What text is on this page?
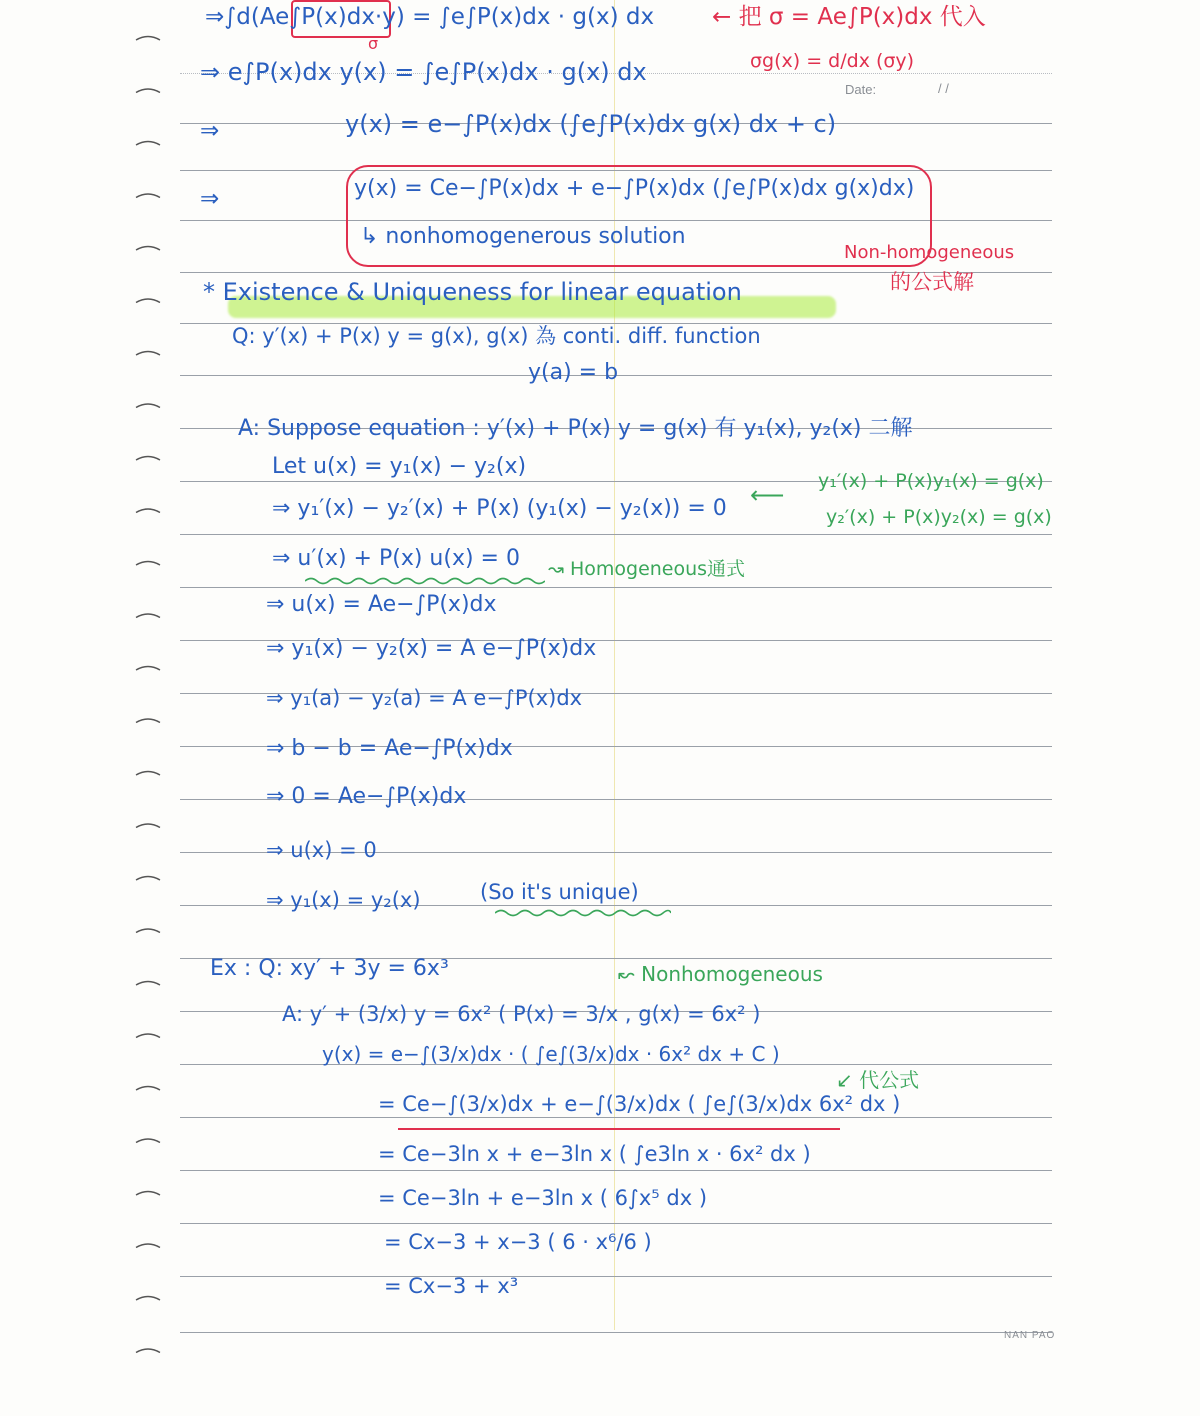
Date:	/ /
NAN PAO
⇒∫d(Ae∫P(x)dx·y) = ∫e∫P(x)dx · g(x) dx
σ
← 把 σ = Ae∫P(x)dx 代入
σg(x) = d/dx (σy)
⇒ e∫P(x)dx y(x) = ∫e∫P(x)dx · g(x) dx
⇒	y(x) = e−∫P(x)dx (∫e∫P(x)dx g(x) dx + c)
⇒	y(x) = Ce−∫P(x)dx + e−∫P(x)dx (∫e∫P(x)dx g(x)dx)
↳ nonhomogenerous solution
Non-homogeneous
的公式解
* Existence & Uniqueness for linear equation
Q: y′(x) + P(x) y = g(x), g(x) 為 conti. diff. function
y(a) = b
A: Suppose equation : y′(x) + P(x) y = g(x) 有 y₁(x), y₂(x) 二解
Let u(x) = y₁(x) − y₂(x)
⇒ y₁′(x) − y₂′(x) + P(x) (y₁(x) − y₂(x)) = 0 ⟵ y₁′(x) + P(x)y₁(x) = g(x)
y₂′(x) + P(x)y₂(x) = g(x)
⇒ u′(x) + P(x) u(x) = 0 ↝ Homogeneous通式
⇒ u(x) = Ae−∫P(x)dx
⇒ y₁(x) − y₂(x) = A e−∫P(x)dx
⇒ y₁(a) − y₂(a) = A e−∫P(x)dx
⇒ b − b = Ae−∫P(x)dx
⇒ 0 = Ae−∫P(x)dx
⇒ u(x) = 0
⇒ y₁(x) = y₂(x)	(So it's unique)
Ex : Q: xy′ + 3y = 6x³	↜ Nonhomogeneous
A: y′ + (3/x) y = 6x² ( P(x) = 3/x , g(x) = 6x² )
y(x) = e−∫(3/x)dx · ( ∫e∫(3/x)dx · 6x² dx + C )
= Ce−∫(3/x)dx + e−∫(3/x)dx ( ∫e∫(3/x)dx 6x² dx )
↙ 代公式
= Ce−3ln x + e−3ln x ( ∫e3ln x · 6x² dx )
= Ce−3ln + e−3ln x ( 6∫x⁵ dx )
= Cx−3 + x−3 ( 6 · x⁶/6 )
= Cx−3 + x³
